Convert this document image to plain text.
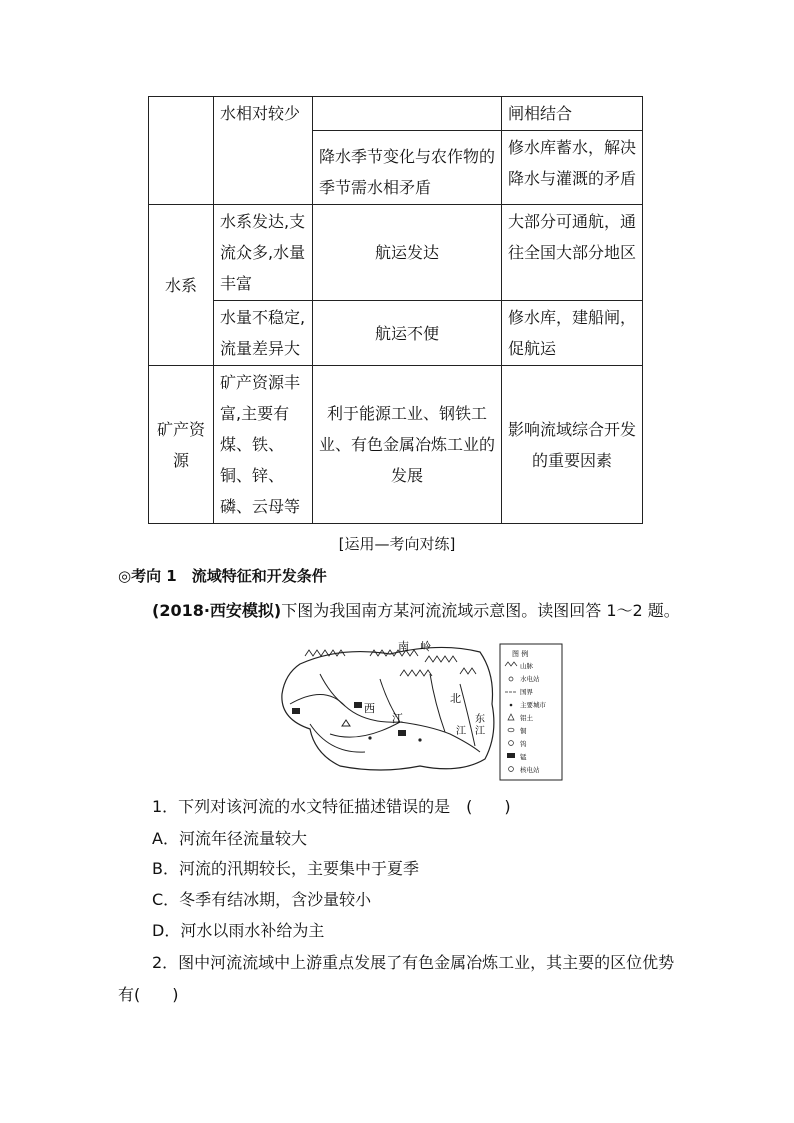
	水相对较少		闸相结合
		降水季节变化与农作物的季节需水相矛盾	修水库蓄水，解决降水与灌溉的矛盾
水系	水系发达,支流众多,水量丰富	航运发达	大部分可通航，通往全国大部分地区
	水量不稳定,流量差异大	航运不便	修水库，建船闸，促航运
矿产资源	矿产资源丰富,主要有煤、铁、铜、锌、磷、云母等	利于能源工业、钢铁工业、有色金属冶炼工业的发展	影响流域综合开发的重要因素
[运用—考向对练]
◎考向 1　流域特征和开发条件
(2018·西安模拟)下图为我国南方某河流流域示意图。读图回答 1～2 题。
南 岭
西
江
北
江
东
江
图 例
山脉
水电站
国界
主要城市
铝土
铜
钨
锰
核电站
1．下列对该河流的水文特征描述错误的是　(　　)
A．河流年径流量较大
B．河流的汛期较长，主要集中于夏季
C．冬季有结冰期，含沙量较小
D．河水以雨水补给为主
2．图中河流流域中上游重点发展了有色金属冶炼工业，其主要的区位优势
有(　　)
